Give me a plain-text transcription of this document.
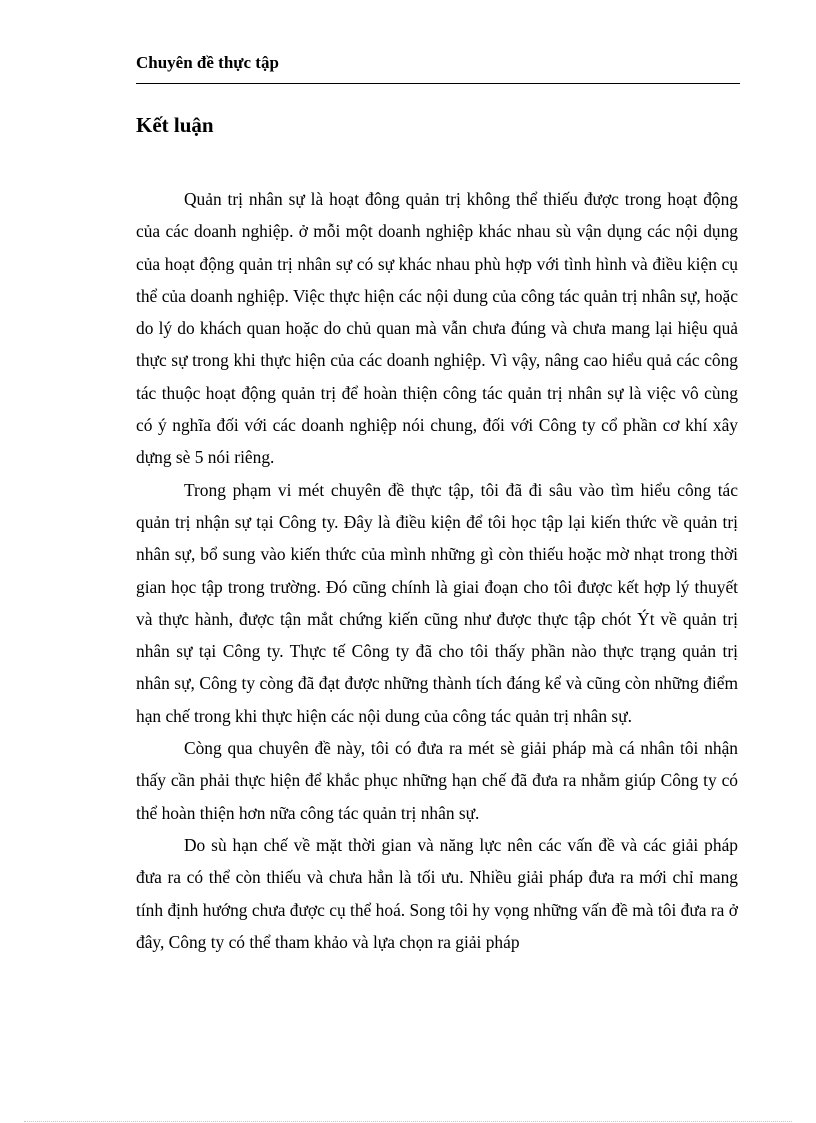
Chuyên đề thực tập

Kết luận

Quản trị nhân sự là hoạt đông quản trị không thể thiếu được trong hoạt động của các doanh nghiệp. ở mỗi một doanh nghiệp khác nhau sù vận dụng các nội dụng của hoạt động quản trị nhân sự có sự khác nhau phù hợp với tình hình và điều kiện cụ thể của doanh nghiệp. Việc thực hiện các nội dung của công tác quản trị nhân sự, hoặc do lý do khách quan hoặc do chủ quan mà vẫn chưa đúng và chưa mang lại hiệu quả thực sự trong khi thực hiện của các doanh nghiệp. Vì vậy, nâng cao hiểu quả các công tác thuộc hoạt động quản trị để hoàn thiện công tác quản trị nhân sự là việc vô cùng có ý nghĩa đối với các doanh nghiệp nói chung, đối với Công ty cổ phần cơ khí xây dựng sè 5 nói riêng.

Trong phạm vi mét chuyên đề thực tập, tôi đã đi sâu vào tìm hiểu công tác quản trị nhận sự tại Công ty. Đây là điều kiện để tôi học tập lại kiến thức về quản trị nhân sự, bổ sung vào kiến thức của mình những gì còn thiếu hoặc mờ nhạt trong thời gian học tập trong trường. Đó cũng chính là giai đoạn cho tôi được kết hợp lý thuyết và thực hành, được tận mắt chứng kiến cũng như được thực tập chót Ýt về quản trị nhân sự tại Công ty. Thực tế Công ty đã cho tôi thấy phần nào thực trạng quản trị nhân sự, Công ty còng đã đạt được những thành tích đáng kể và cũng còn những điểm hạn chế trong khi thực hiện các nội dung của công tác quản trị nhân sự.

Còng qua chuyên đề này, tôi có đưa ra mét sè giải pháp mà cá nhân tôi nhận thấy cần phải thực hiện để khắc phục những hạn chế đã đưa ra nhằm giúp Công ty có thể hoàn thiện hơn nữa công tác quản trị nhân sự.

Do sù hạn chế về mặt thời gian và năng lực nên các vấn đề và các giải pháp đưa ra có thể còn thiếu và chưa hẳn là tối ưu. Nhiều giải pháp đưa ra mới chỉ mang tính định hướng chưa được cụ thể hoá. Song tôi hy vọng những vấn đề mà tôi đưa ra ở đây, Công ty có thể tham khảo và lựa chọn ra giải pháp
